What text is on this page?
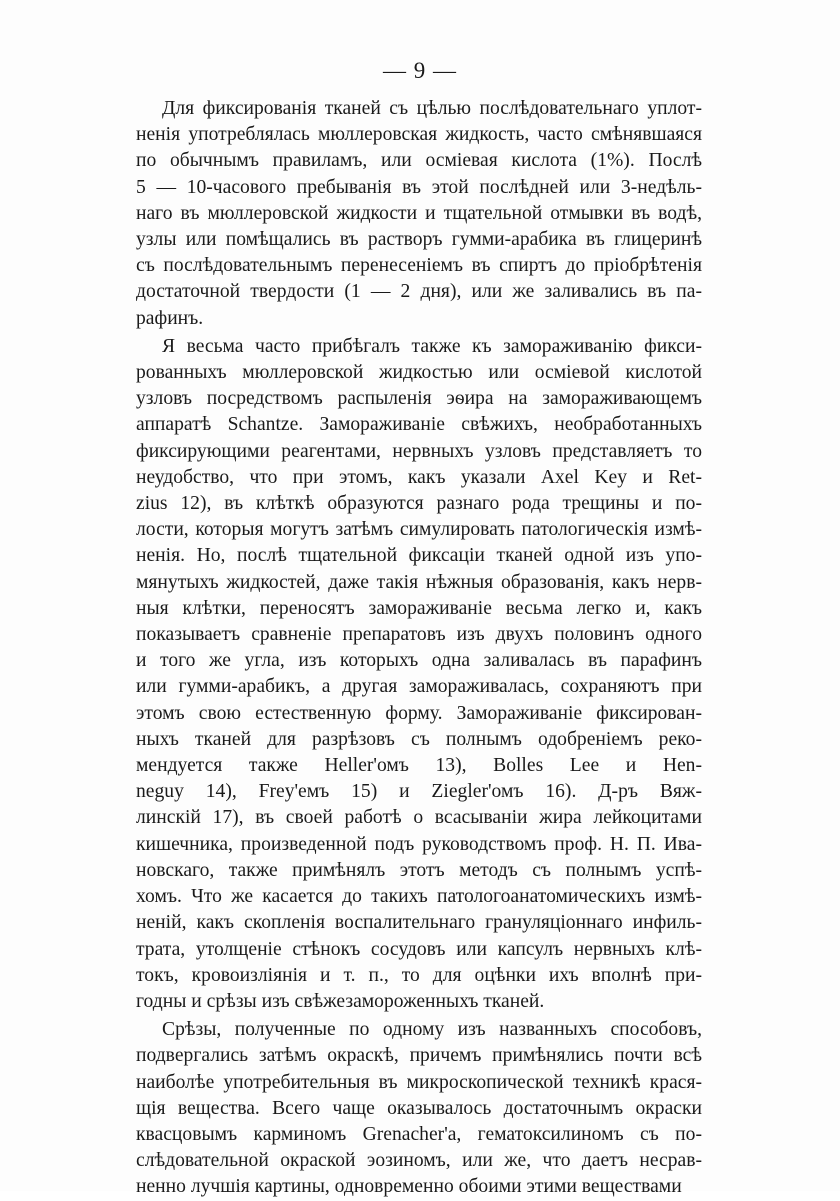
— 9 —
Для фиксированія тканей съ цѣлью послѣдовательнаго уплот-
ненія употреблялась мюллеровская жидкость, часто смѣнявшаяся
по обычнымъ правиламъ, или осміевая кислота (1%). Послѣ
5 — 10-часового пребыванія въ этой послѣдней или 3-недѣль-
наго въ мюллеровской жидкости и тщательной отмывки въ водѣ,
узлы или помѣщались въ растворъ гумми-арабика въ глицеринѣ
съ послѣдовательнымъ перенесеніемъ въ спиртъ до пріобрѣтенія
достаточной твердости (1 — 2 дня), или же заливались въ па-
рафинъ.
Я весьма часто прибѣгалъ также къ замораживанію фикси-
рованныхъ мюллеровской жидкостью или осміевой кислотой
узловъ посредствомъ распыленія эѳира на замораживающемъ
аппаратѣ Schantze. Замораживаніе свѣжихъ, необработанныхъ
фиксирующими реагентами, нервныхъ узловъ представляетъ то
неудобство, что при этомъ, какъ указали Axel Key и Ret-
zius 12), въ клѣткѣ образуются разнаго рода трещины и по-
лости, которыя могутъ затѣмъ симулировать патологическія измѣ-
ненія. Но, послѣ тщательной фиксаціи тканей одной изъ упо-
мянутыхъ жидкостей, даже такія нѣжныя образованія, какъ нерв-
ныя клѣтки, переносятъ замораживаніе весьма легко и, какъ
показываетъ сравненіе препаратовъ изъ двухъ половинъ одного
и того же угла, изъ которыхъ одна заливалась въ парафинъ
или гумми-арабикъ, а другая замораживалась, сохраняютъ при
этомъ свою естественную форму. Замораживаніе фиксирован-
ныхъ тканей для разрѣзовъ съ полнымъ одобреніемъ реко-
мендуется также Heller'омъ 13), Bolles Lee и Hen-
neguy 14), Frey'емъ 15) и Ziegler'омъ 16). Д-ръ Вяж-
линскій 17), въ своей работѣ о всасываніи жира лейкоцитами
кишечника, произведенной подъ руководствомъ проф. Н. П. Ива-
новскаго, также примѣнялъ этотъ методъ съ полнымъ успѣ-
хомъ. Что же касается до такихъ патологоанатомическихъ измѣ-
неній, какъ скопленія воспалительнаго грануляціоннаго инфиль-
трата, утолщеніе стѣнокъ сосудовъ или капсулъ нервныхъ клѣ-
токъ, кровоизліянія и т. п., то для оцѣнки ихъ вполнѣ при-
годны и срѣзы изъ свѣжезамороженныхъ тканей.
Срѣзы, полученные по одному изъ названныхъ способовъ,
подвергались затѣмъ окраскѣ, причемъ примѣнялись почти всѣ
наиболѣе употребительныя въ микроскопической техникѣ крася-
щія вещества. Всего чаще оказывалось достаточнымъ окраски
квасцовымъ карминомъ Grenacher'а, гематоксилиномъ съ по-
слѣдовательной окраской эозиномъ, или же, что даетъ несрав-
ненно лучшія картины, одновременно обоими этими веществами
